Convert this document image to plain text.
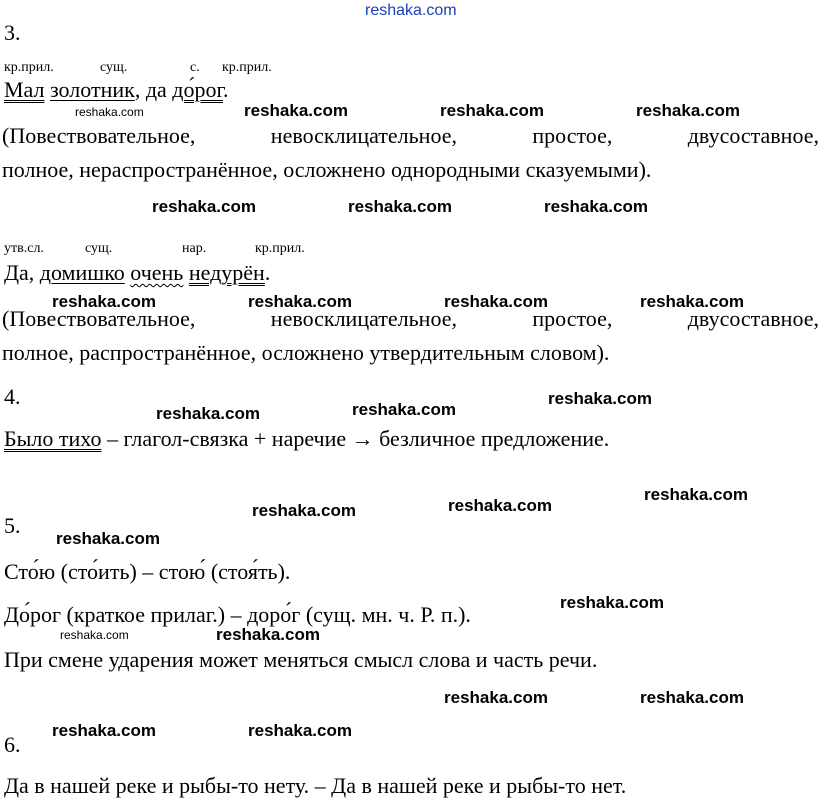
reshaka.com
3.
кр.прил.	сущ.	с. кр.прил.
Мал золотник, да до́рог.
(Повествовательное,	невосклицательное,	простое,	двусоставное,
полное, нераспространённое, осложнено однородными сказуемыми).
утв.сл.	сущ.	нар.	кр.прил.
Да, домишко очень недурён.
(Повествовательное,	невосклицательное,	простое,	двусоставное,
полное, распространённое, осложнено утвердительным словом).
4.
Было тихо – глагол-связка + наречие → безличное предложение.
5.
Сто́ю (сто́ить) – стою́ (стоя́ть).
До́рог (краткое прилаг.) – доро́г (сущ. мн. ч. Р. п.).
При смене ударения может меняться смысл слова и часть речи.
6.
Да в нашей реке и рыбы-то нету. – Да в нашей реке и рыбы-то нет.
reshaka.com	reshaka.com	reshaka.com	reshaka.com
reshaka.com	reshaka.com	reshaka.com
reshaka.com	reshaka.com	reshaka.com	reshaka.com
reshaka.com	reshaka.com
reshaka.com
reshaka.com
reshaka.com
reshaka.com
reshaka.com
reshaka.com
reshaka.com	reshaka.com
reshaka.com	reshaka.com
reshaka.com	reshaka.com
